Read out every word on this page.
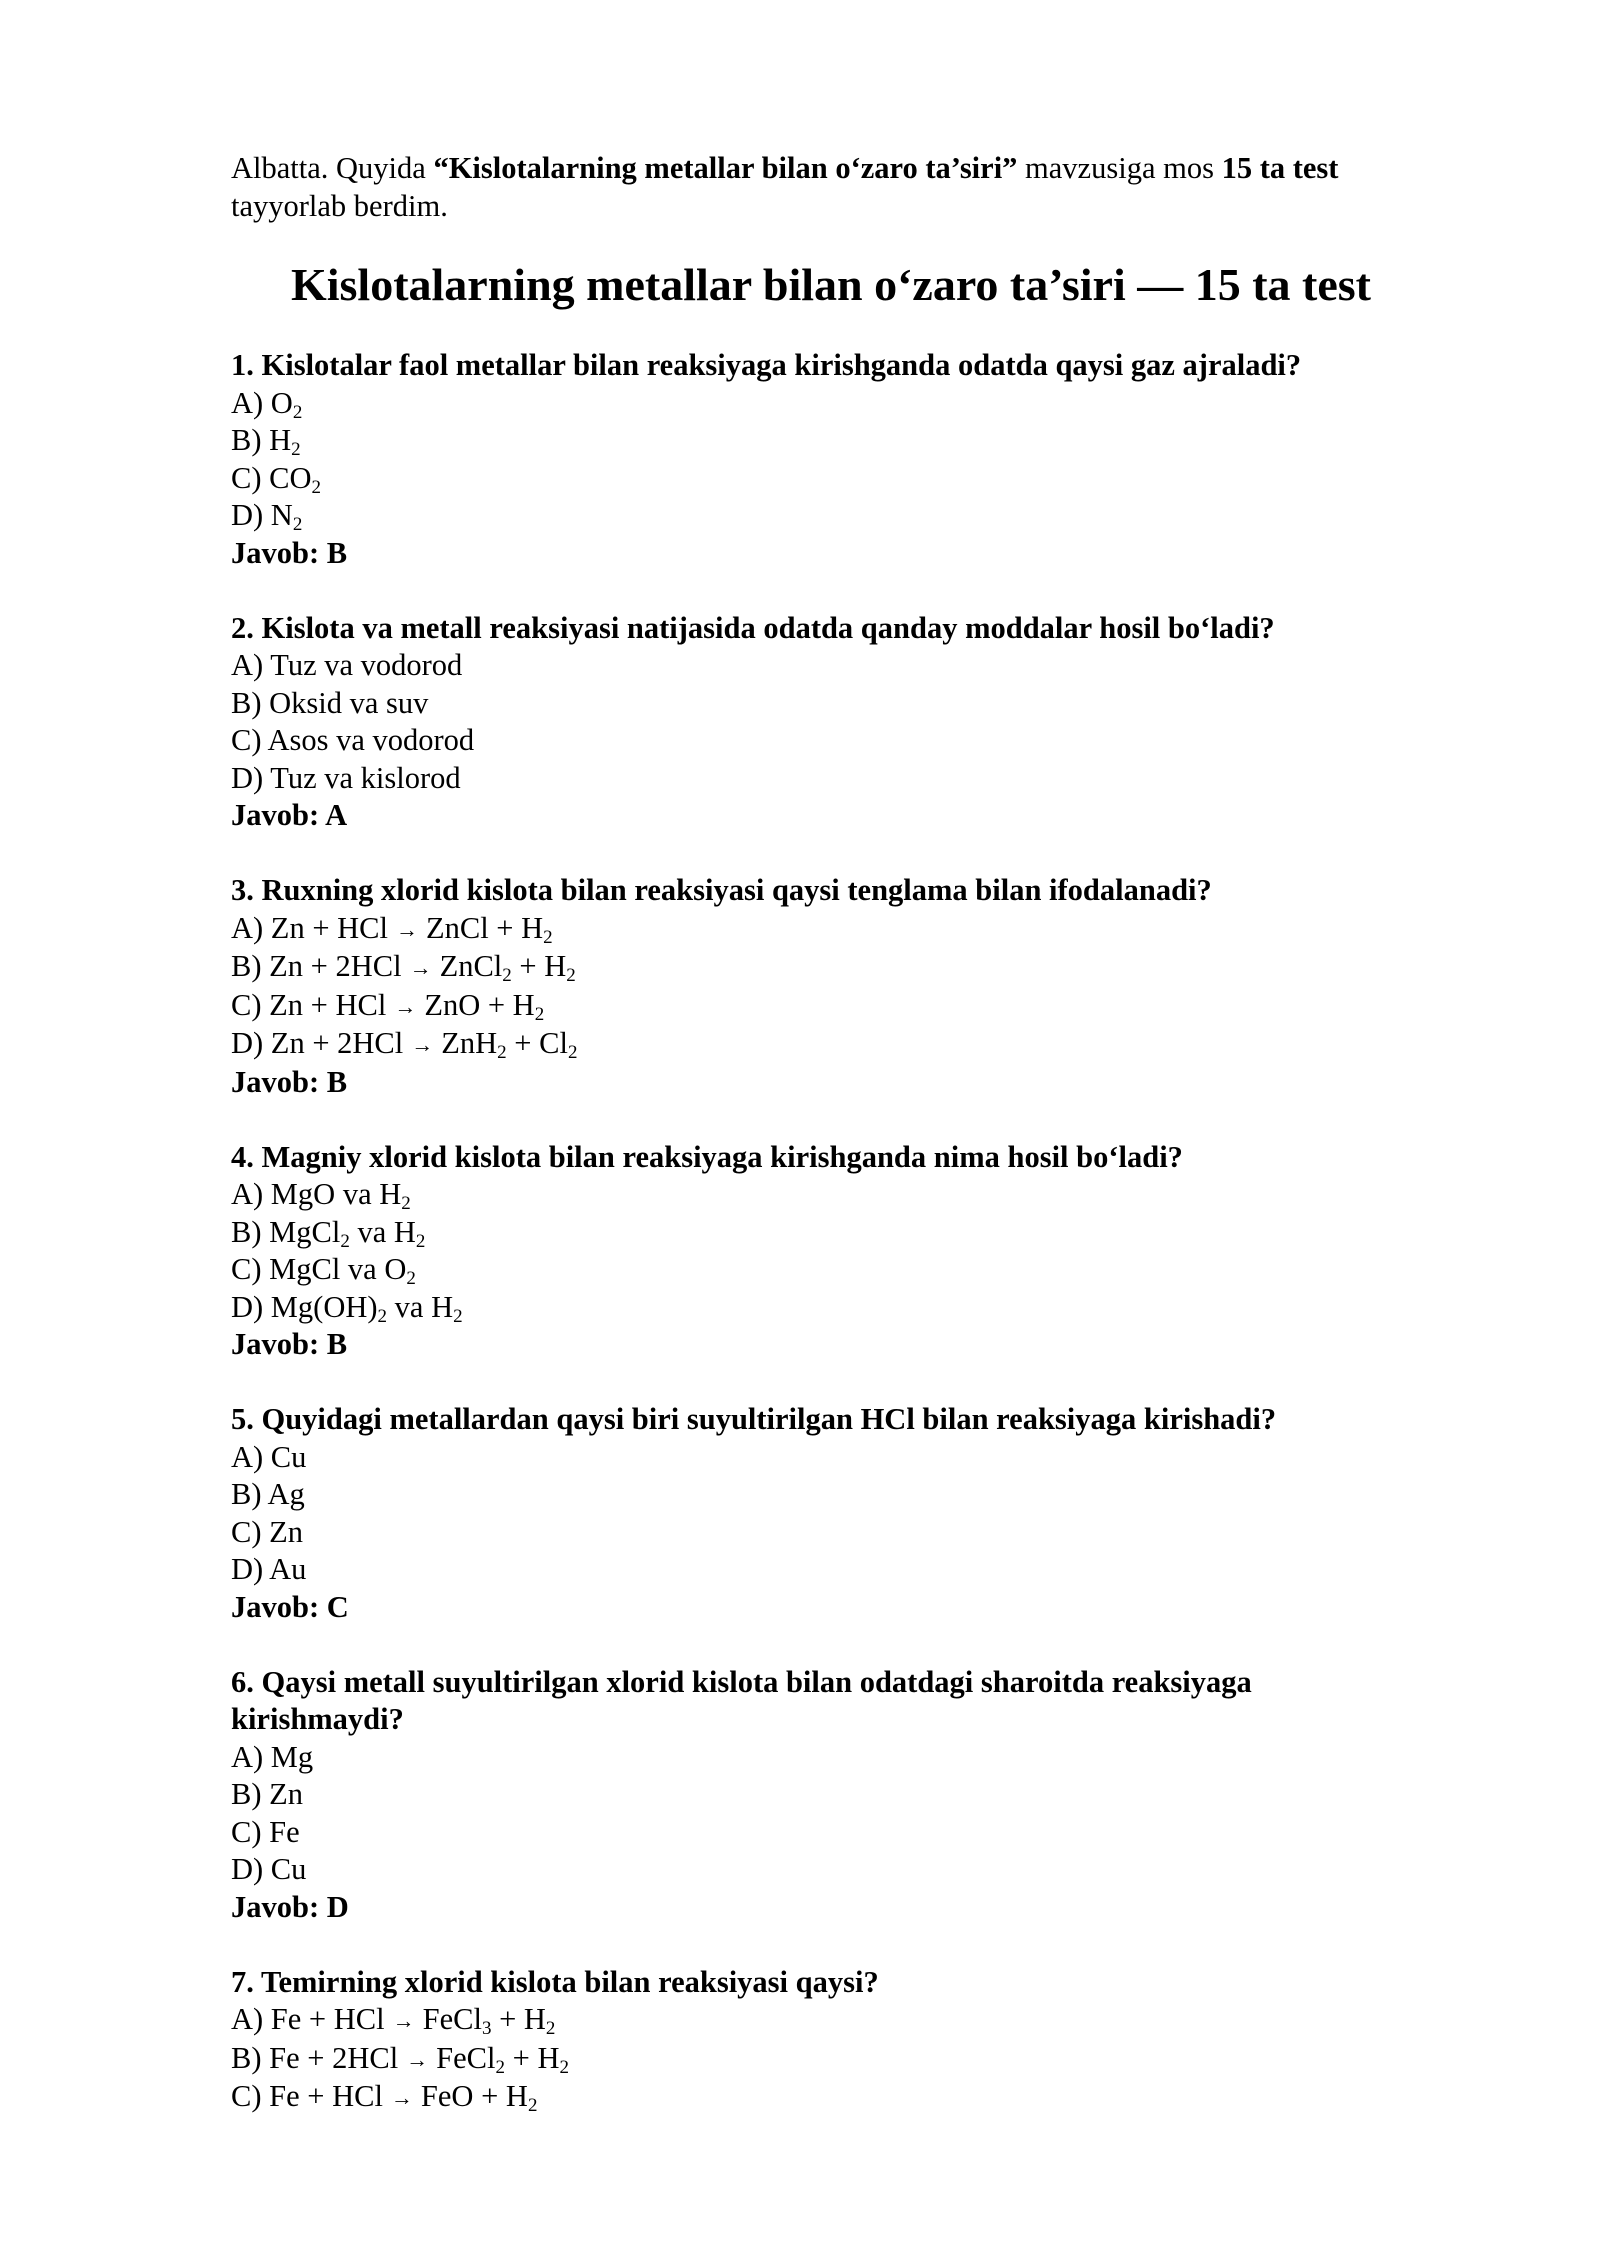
Albatta. Quyida “Kislotalarning metallar bilan o‘zaro ta’siri” mavzusiga mos 15 ta test tayyorlab berdim.

Kislotalarning metallar bilan o‘zaro ta’siri — 15 ta test

1. Kislotalar faol metallar bilan reaksiyaga kirishganda odatda qaysi gaz ajraladi?

A) $O_2$

B) $H_2$

C) $CO_2$

D) $N_2$

Javob: B

2. Kislota va metall reaksiyasi natijasida odatda qanday moddalar hosil bo‘ladi?

A) Tuz va vodorod

B) Oksid va suv

C) Asos va vodorod

D) Tuz va kislorod

Javob: A

3. Ruxning xlorid kislota bilan reaksiyasi qaysi tenglama bilan ifodalanadi?

A) Zn + HCl → ZnCl + $H_2$

B) Zn + 2HCl → ZnCl$_2$ + $H_2$

C) Zn + HCl → ZnO + $H_2$

D) $Zn + 2HCl \to ZnH_2 + Cl_2$

Javob: B

4. Magniy xlorid kislota bilan reaksiyaga kirishganda nima hosil bo‘ladi?

A) MgO va $H_2$

B) MgCl$_2$ va $H_2$

C) MgCl va $O_2$

D) $Mg(OH)_2$ va $H_2$

Javob: B

5. Quyidagi metallardan qaysi biri suyultirilgan HCl bilan reaksiyaga kirishadi?

A) Cu

B) Ag

C) Zn

D) Au

Javob: C

6. Qaysi metall suyultirilgan xlorid kislota bilan odatdagi sharoitda reaksiyaga kirishmaydi?

A) Mg

B) Zn

C) Fe

D) Cu

Javob: D

7. Temirning xlorid kislota bilan reaksiyasi qaysi?

A) Fe + HCl → FeCl$_3$ + $H_2$

B) Fe + 2HCl → FeCl$_2$ + $H_2$

C) Fe + HCl → FeO + $H_2$
